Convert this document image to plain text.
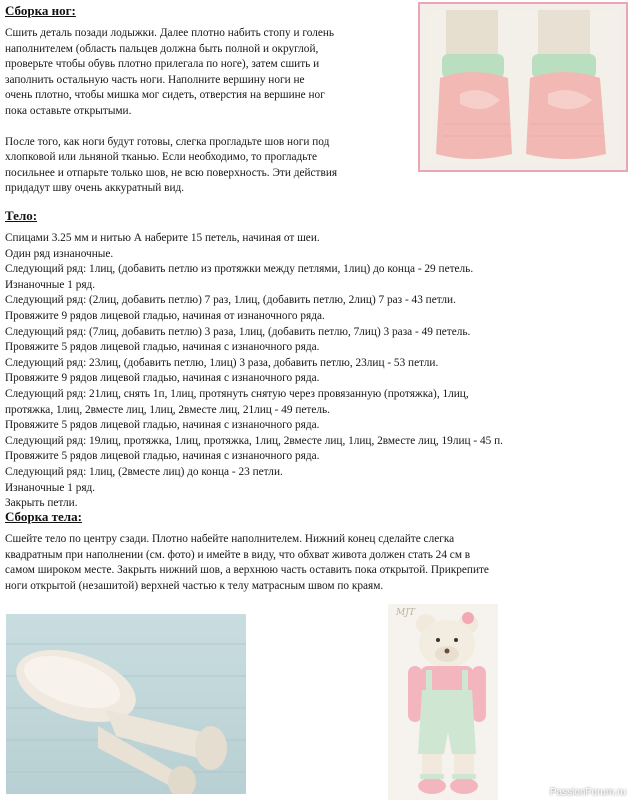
Сборка ног:

Сшить деталь позади лодыжки. Далее плотно набить стопу и голень

наполнителем (область пальцев должна быть полной и округлой,

проверьте чтобы обувь плотно прилегала по ноге), затем сшить и

заполнить остальную часть ноги. Наполните вершину ноги не

очень плотно, чтобы мишка мог сидеть, отверстия на вершине ног

пока оставьте открытыми.

После того, как ноги будут готовы, слегка прогладьте шов ноги под

хлопковой или льняной тканью. Если необходимо, то прогладьте

посильнее и отпарьте только шов, не всю поверхность. Эти действия

придадут шву очень аккуратный вид.

Тело:

Спицами 3.25 мм и нитью А наберите 15 петель, начиная от шеи.

Один ряд изнаночные.

Следующий ряд: 1лиц, (добавить петлю из протяжки между петлями, 1лиц) до конца - 29 петель.

Изнаночные 1 ряд.

Следующий ряд: (2лиц, добавить петлю) 7 раз, 1лиц, (добавить петлю, 2лиц) 7 раз - 43 петли.

Провяжите 9 рядов лицевой гладью, начиная от изнаночного ряда.

Следующий ряд: (7лиц, добавить петлю) 3 раза, 1лиц, (добавить петлю, 7лиц) 3 раза - 49 петель.

Провяжите 5 рядов лицевой гладью, начиная с изнаночного ряда.

Следующий ряд: 23лиц, (добавить петлю, 1лиц) 3 раза, добавить петлю, 23лиц - 53 петли.

Провяжите 9 рядов лицевой гладью, начиная с изнаночного ряда.

Следующий ряд: 21лиц, снять 1п, 1лиц, протянуть снятую через провязанную (протяжка), 1лиц,

протяжка, 1лиц, 2вместе лиц, 1лиц, 2вместе лиц, 21лиц - 49 петель.

Провяжите 5 рядов лицевой гладью, начиная с изнаночного ряда.

Следующий ряд: 19лиц, протяжка, 1лиц, протяжка, 1лиц, 2вместе лиц, 1лиц, 2вместе лиц, 19лиц - 45 п.

Провяжите 5 рядов лицевой гладью, начиная с изнаночного ряда.

Следующий ряд: 1лиц, (2вместе лиц) до конца - 23 петли.

Изнаночные 1 ряд.

Закрыть петли.

Сборка тела:

Сшейте тело по центру сзади. Плотно набейте наполнителем. Нижний конец сделайте слегка

квадратным при наполнении (см. фото) и имейте в виду, что обхват живота должен стать 24 см в

самом широком месте. Закрыть нижний шов, а верхнюю часть оставить пока открытой. Прикрепите

ноги открытой (незашитой) верхней частью к телу матрасным швом по краям.

MJT
PassionForum.ru
